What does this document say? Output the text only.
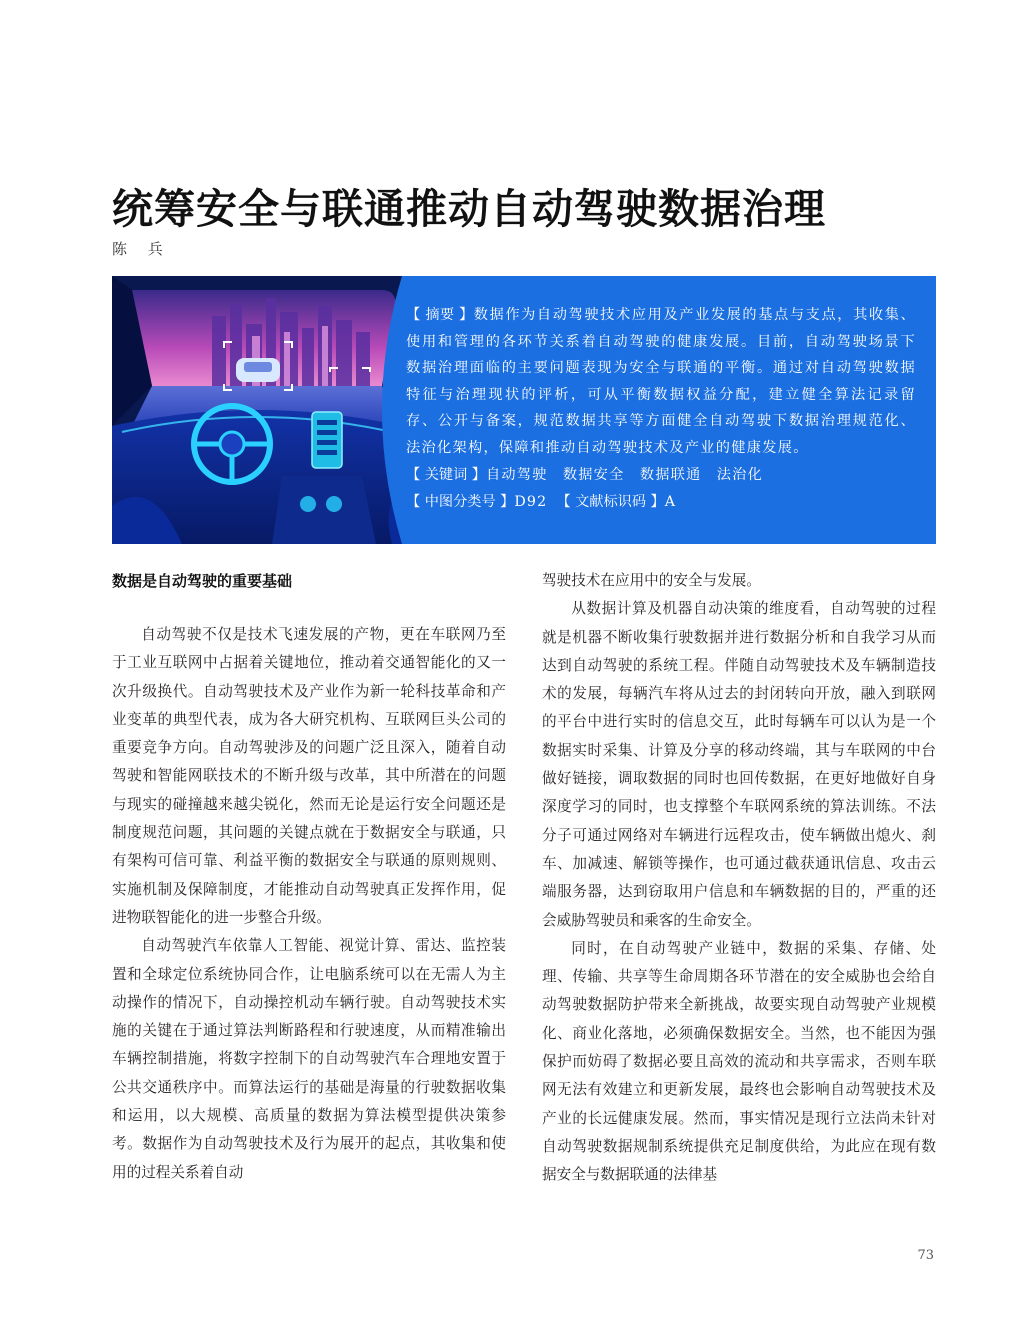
统筹安全与联通推动自动驾驶数据治理
陈 兵
【 摘要 】数据作为自动驾驶技术应用及产业发展的基点与支点，其收集、使用和管理的各环节关系着自动驾驶的健康发展。目前，自动驾驶场景下数据治理面临的主要问题表现为安全与联通的平衡。通过对自动驾驶数据特征与治理现状的评析，可从平衡数据权益分配，建立健全算法记录留存、公开与备案，规范数据共享等方面健全自动驾驶下数据治理规范化、法治化架构，保障和推动自动驾驶技术及产业的健康发展。
【 关键词 】自动驾驶　数据安全　数据联通　法治化
【 中图分类号 】D92 【 文献标识码 】A
数据是自动驾驶的重要基础

自动驾驶不仅是技术飞速发展的产物，更在车联网乃至于工业互联网中占据着关键地位，推动着交通智能化的又一次升级换代。自动驾驶技术及产业作为新一轮科技革命和产业变革的典型代表，成为各大研究机构、互联网巨头公司的重要竞争方向。自动驾驶涉及的问题广泛且深入，随着自动驾驶和智能网联技术的不断升级与改革，其中所潜在的问题与现实的碰撞越来越尖锐化，然而无论是运行安全问题还是制度规范问题，其问题的关键点就在于数据安全与联通，只有架构可信可靠、利益平衡的数据安全与联通的原则规则、实施机制及保障制度，才能推动自动驾驶真正发挥作用，促进物联智能化的进一步整合升级。

自动驾驶汽车依靠人工智能、视觉计算、雷达、监控装置和全球定位系统协同合作，让电脑系统可以在无需人为主动操作的情况下，自动操控机动车辆行驶。自动驾驶技术实施的关键在于通过算法判断路程和行驶速度，从而精准输出车辆控制措施，将数字控制下的自动驾驶汽车合理地安置于公共交通秩序中。而算法运行的基础是海量的行驶数据收集和运用，以大规模、高质量的数据为算法模型提供决策参考。数据作为自动驾驶技术及行为展开的起点，其收集和使用的过程关系着自动

驾驶技术在应用中的安全与发展。

从数据计算及机器自动决策的维度看，自动驾驶的过程就是机器不断收集行驶数据并进行数据分析和自我学习从而达到自动驾驶的系统工程。伴随自动驾驶技术及车辆制造技术的发展，每辆汽车将从过去的封闭转向开放，融入到联网的平台中进行实时的信息交互，此时每辆车可以认为是一个数据实时采集、计算及分享的移动终端，其与车联网的中台做好链接，调取数据的同时也回传数据，在更好地做好自身深度学习的同时，也支撑整个车联网系统的算法训练。不法分子可通过网络对车辆进行远程攻击，使车辆做出熄火、刹车、加减速、解锁等操作，也可通过截获通讯信息、攻击云端服务器，达到窃取用户信息和车辆数据的目的，严重的还会威胁驾驶员和乘客的生命安全。

同时，在自动驾驶产业链中，数据的采集、存储、处理、传输、共享等生命周期各环节潜在的安全威胁也会给自动驾驶数据防护带来全新挑战，故要实现自动驾驶产业规模化、商业化落地，必须确保数据安全。当然，也不能因为强保护而妨碍了数据必要且高效的流动和共享需求，否则车联网无法有效建立和更新发展，最终也会影响自动驾驶技术及产业的长远健康发展。然而，事实情况是现行立法尚未针对自动驾驶数据规制系统提供充足制度供给，为此应在现有数据安全与数据联通的法律基

73
